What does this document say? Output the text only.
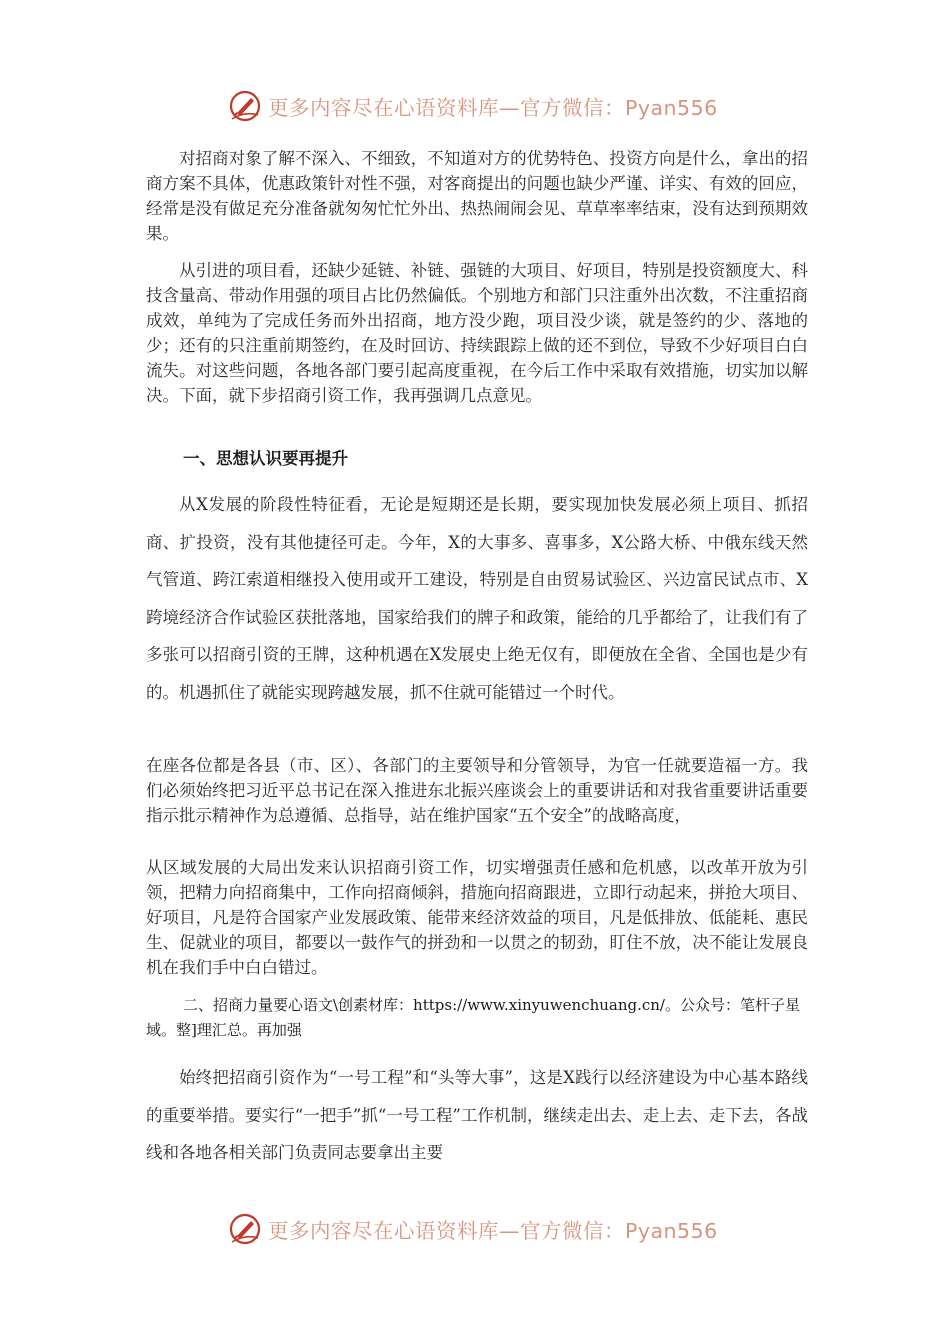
更多内容尽在心语资料库—官方微信：Pyan556

对招商对象了解不深入、不细致，不知道对方的优势特色、投资方向是什么，拿出的招商方案不具体，优惠政策针对性不强，对客商提出的问题也缺少严谨、详实、有效的回应，经常是没有做足充分准备就匆匆忙忙外出、热热闹闹会见、草草率率结束，没有达到预期效果。

从引进的项目看，还缺少延链、补链、强链的大项目、好项目，特别是投资额度大、科技含量高、带动作用强的项目占比仍然偏低。个别地方和部门只注重外出次数，不注重招商成效，单纯为了完成任务而外出招商，地方没少跑，项目没少谈，就是签约的少、落地的少；还有的只注重前期签约，在及时回访、持续跟踪上做的还不到位，导致不少好项目白白流失。对这些问题，各地各部门要引起高度重视，在今后工作中采取有效措施，切实加以解决。下面，就下步招商引资工作，我再强调几点意见。

一、思想认识要再提升

从X发展的阶段性特征看，无论是短期还是长期，要实现加快发展必须上项目、抓招商、扩投资，没有其他捷径可走。今年，X的大事多、喜事多，X公路大桥、中俄东线天然气管道、跨江索道相继投入使用或开工建设，特别是自由贸易试验区、兴边富民试点市、X跨境经济合作试验区获批落地，国家给我们的牌子和政策，能给的几乎都给了，让我们有了多张可以招商引资的王牌，这种机遇在X发展史上绝无仅有，即便放在全省、全国也是少有的。机遇抓住了就能实现跨越发展，抓不住就可能错过一个时代。

在座各位都是各县（市、区）、各部门的主要领导和分管领导，为官一任就要造福一方。我们必须始终把习近平总书记在深入推进东北振兴座谈会上的重要讲话和对我省重要讲话重要指示批示精神作为总遵循、总指导，站在维护国家“五个安全”的战略高度，

从区域发展的大局出发来认识招商引资工作，切实增强责任感和危机感，以改革开放为引领，把精力向招商集中，工作向招商倾斜，措施向招商跟进，立即行动起来，拼抢大项目、好项目，凡是符合国家产业发展政策、能带来经济效益的项目，凡是低排放、低能耗、惠民生、促就业的项目，都要以一鼓作气的拼劲和一以贯之的韧劲，盯住不放，决不能让发展良机在我们手中白白错过。

二、招商力量要心语文\创素材库：https://www.xinyuwenchuang.cn/。公众号：笔杆子星域。整]理汇总。再加强

始终把招商引资作为“一号工程”和“头等大事”，这是X践行以经济建设为中心基本路线的重要举措。要实行“一把手”抓“一号工程”工作机制，继续走出去、走上去、走下去，各战线和各地各相关部门负责同志要拿出主要

更多内容尽在心语资料库—官方微信：Pyan556
